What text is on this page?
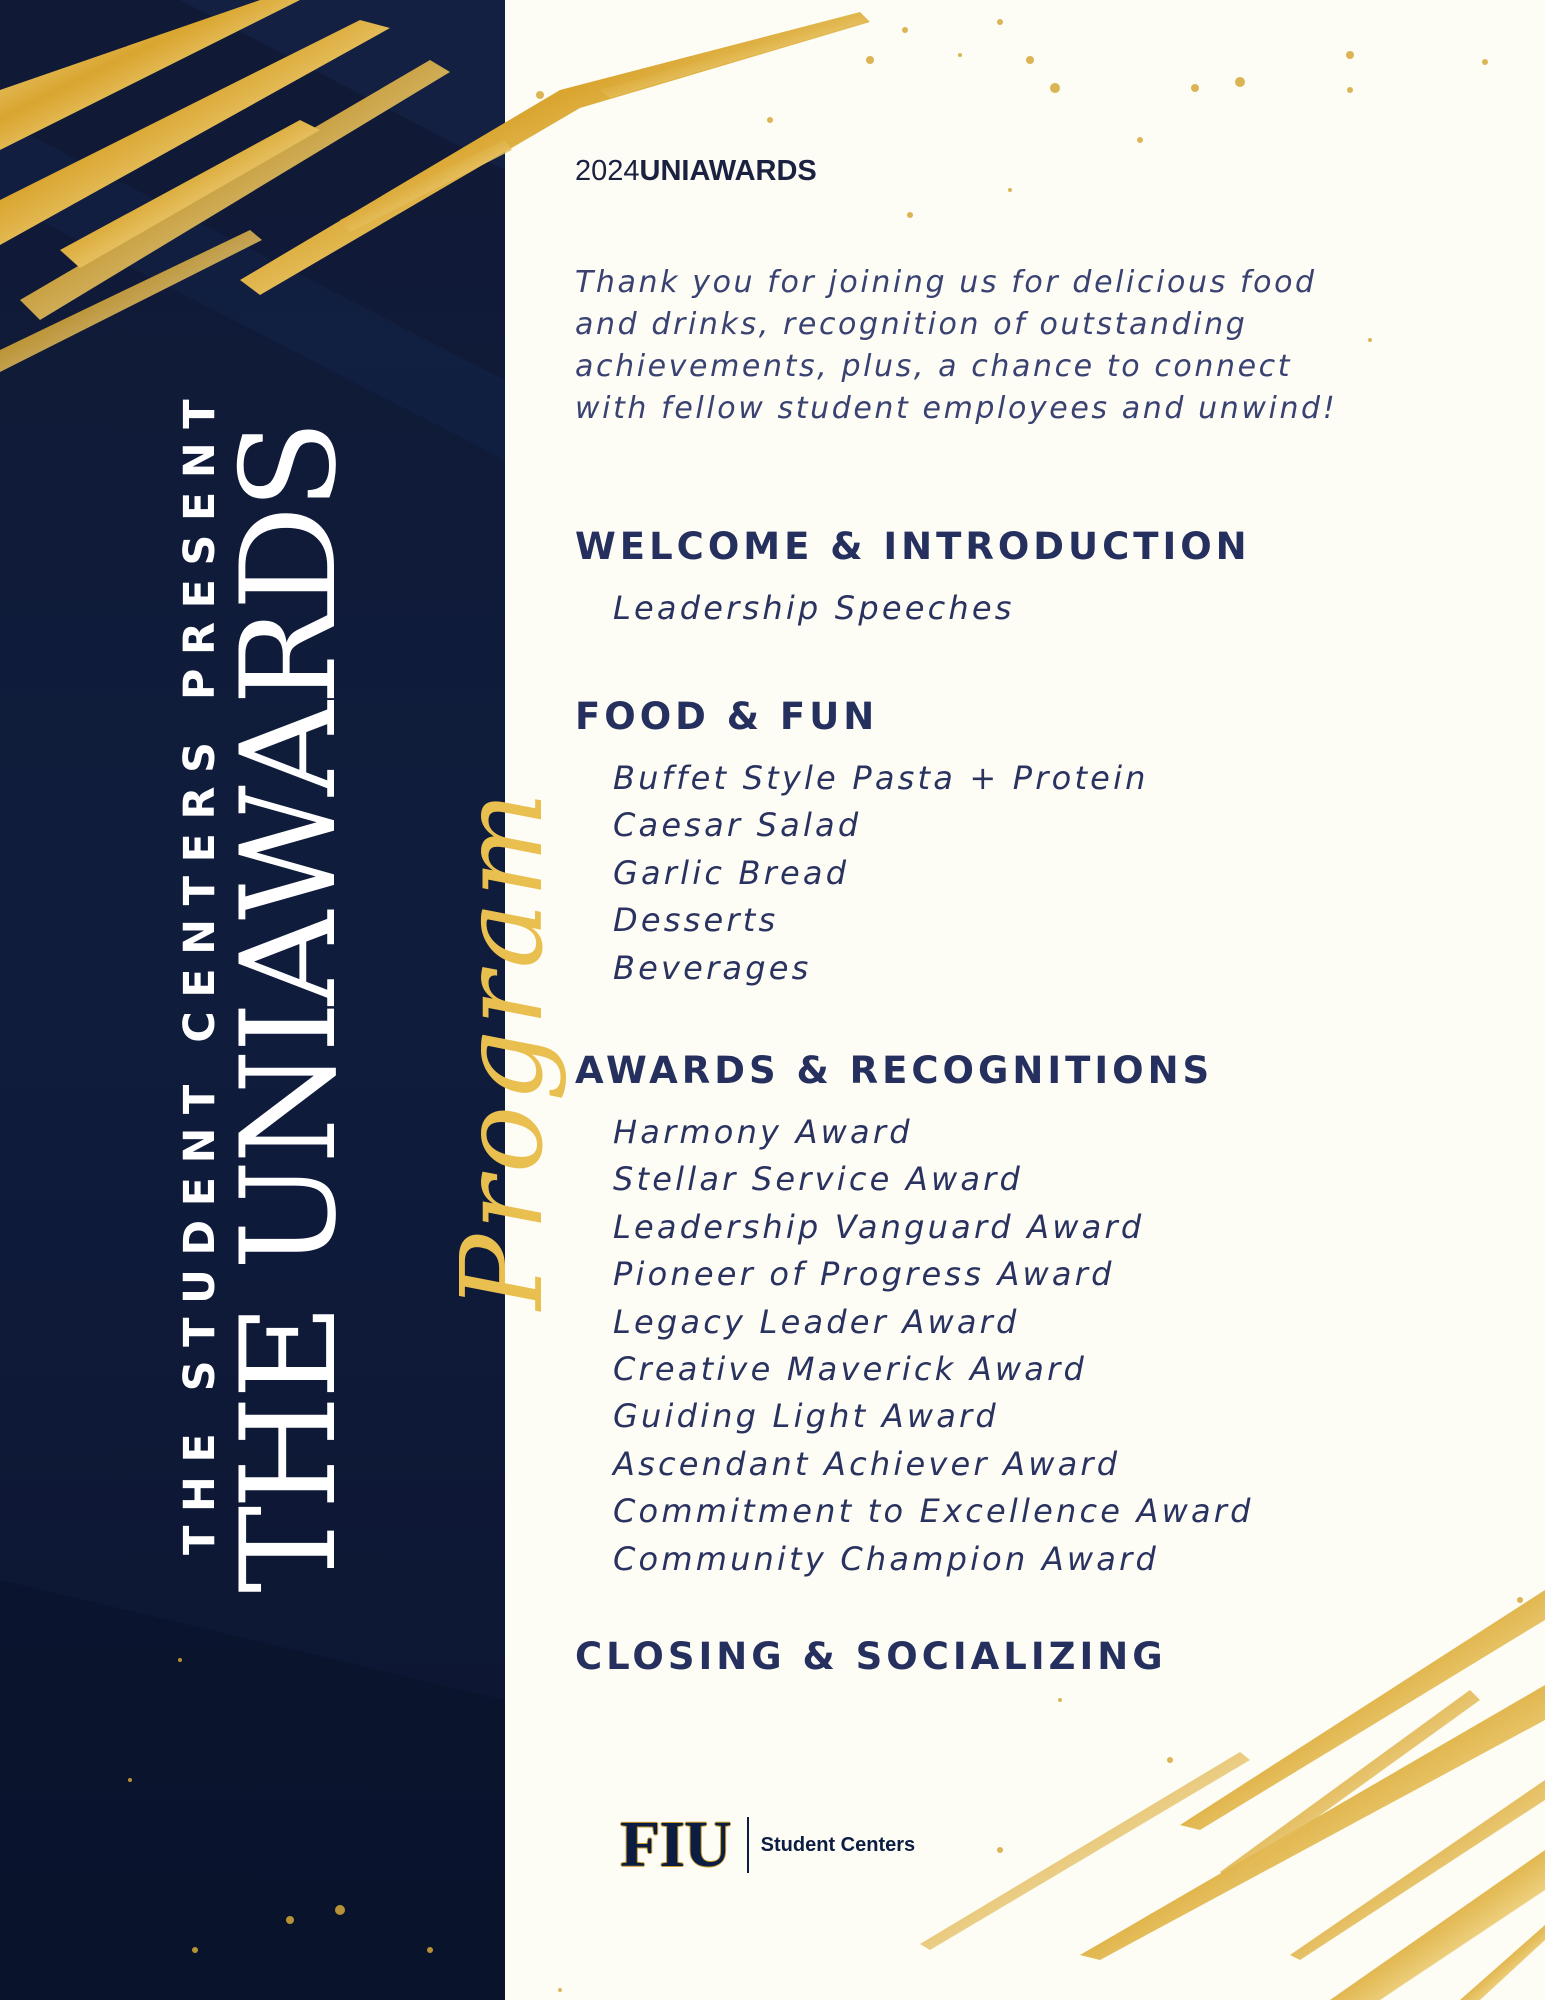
THE STUDENT CENTERS PRESENT
THE UNIAWARDS Program
2024UNIAWARDS

Thank you for joining us for delicious food and drinks, recognition of outstanding achievements, plus, a chance to connect with fellow student employees and unwind!

WELCOME & INTRODUCTION
Leadership Speeches
FOOD & FUN
Buffet Style Pasta + Protein
Caesar Salad
Garlic Bread
Desserts
Beverages
AWARDS & RECOGNITIONS
Harmony Award
Stellar Service Award
Leadership Vanguard Award
Pioneer of Progress Award
Legacy Leader Award
Creative Maverick Award
Guiding Light Award
Ascendant Achiever Award
Commitment to Excellence Award
Community Champion Award
CLOSING & SOCIALIZING
FIU Student Centers
